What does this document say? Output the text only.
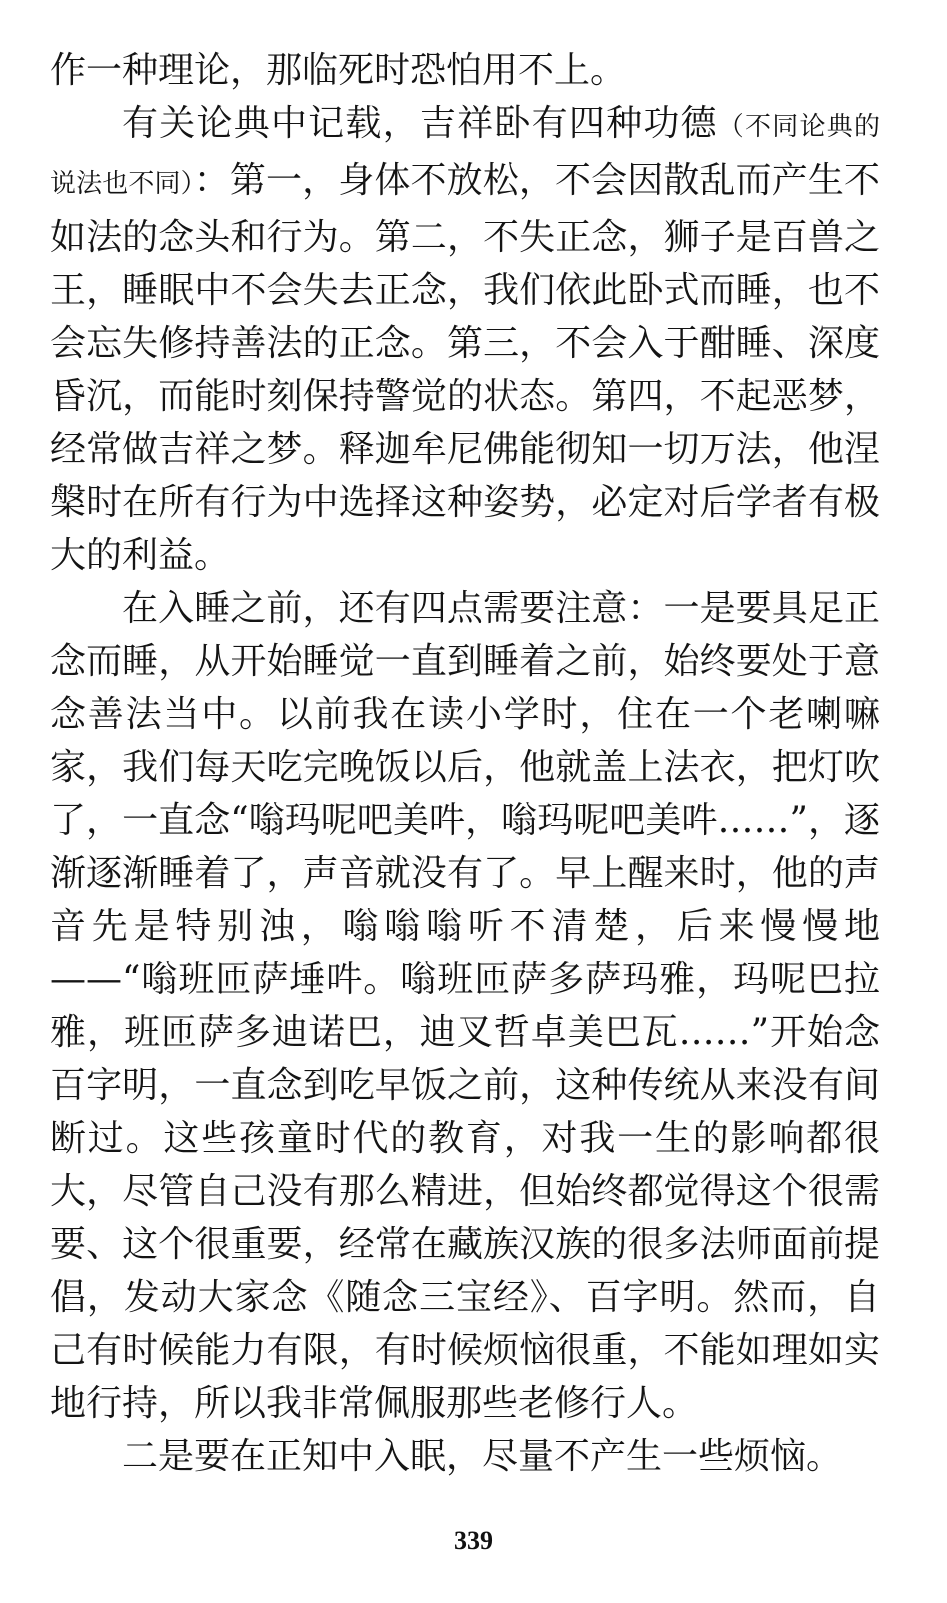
作一种理论，那临死时恐怕用不上。

有关论典中记载，吉祥卧有四种功德（不同论典的说法也不同）：第一，身体不放松，不会因散乱而产生不如法的念头和行为。第二，不失正念，狮子是百兽之王，睡眠中不会失去正念，我们依此卧式而睡，也不会忘失修持善法的正念。第三，不会入于酣睡、深度昏沉，而能时刻保持警觉的状态。第四，不起恶梦，经常做吉祥之梦。释迦牟尼佛能彻知一切万法，他涅槃时在所有行为中选择这种姿势，必定对后学者有极大的利益。

在入睡之前，还有四点需要注意：一是要具足正念而睡，从开始睡觉一直到睡着之前，始终要处于意念善法当中。以前我在读小学时，住在一个老喇嘛家，我们每天吃完晚饭以后，他就盖上法衣，把灯吹了，一直念“嗡玛呢吧美吽，嗡玛呢吧美吽……”，逐渐逐渐睡着了，声音就没有了。早上醒来时，他的声音先是特别浊，嗡嗡嗡听不清楚，后来慢慢地——“嗡班匝萨埵吽。嗡班匝萨多萨玛雅，玛呢巴拉雅，班匝萨多迪诺巴，迪叉哲卓美巴瓦……”开始念百字明，一直念到吃早饭之前，这种传统从来没有间断过。这些孩童时代的教育，对我一生的影响都很大，尽管自己没有那么精进，但始终都觉得这个很需要、这个很重要，经常在藏族汉族的很多法师面前提倡，发动大家念《随念三宝经》、百字明。然而，自己有时候能力有限，有时候烦恼很重，不能如理如实地行持，所以我非常佩服那些老修行人。

二是要在正知中入眠，尽量不产生一些烦恼。

339
